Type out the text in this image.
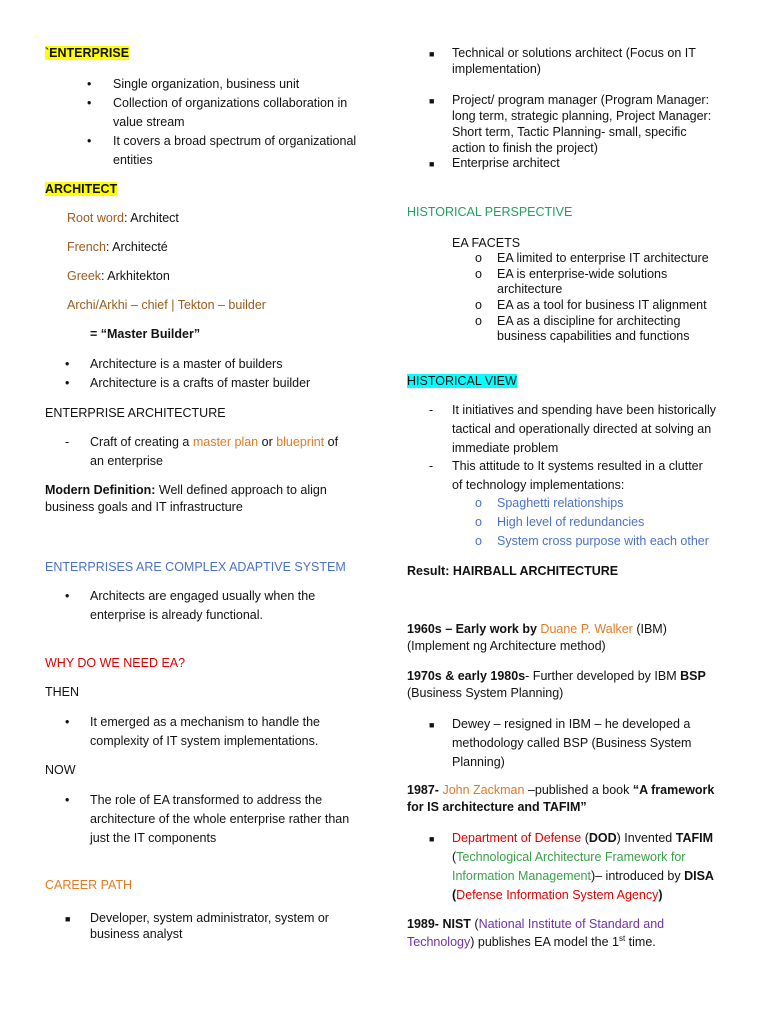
`ENTERPRISE
• Single organization, business unit
• Collection of organizations collaboration in
value stream
• It covers a broad spectrum of organizational
entities
ARCHITECT
Root word: Architect
French: Architecté
Greek: Arkhitekton
Archi/Arkhi – chief | Tekton – builder
= “Master Builder”
• Architecture is a master of builders
• Architecture is a crafts of master builder
ENTERPRISE ARCHITECTURE
- Craft of creating a master plan or blueprint of
an enterprise
Modern Definition: Well defined approach to align
business goals and IT infrastructure
ENTERPRISES ARE COMPLEX ADAPTIVE SYSTEM
• Architects are engaged usually when the
enterprise is already functional.
WHY DO WE NEED EA?
THEN
• It emerged as a mechanism to handle the
complexity of IT system implementations.
NOW
• The role of EA transformed to address the
architecture of the whole enterprise rather than
just the IT components
CAREER PATH
■ Developer, system administrator, system or
business analyst
■ Technical or solutions architect (Focus on IT
implementation)
■ Project/ program manager (Program Manager:
long term, strategic planning, Project Manager:
Short term, Tactic Planning- small, specific
action to finish the project)
■ Enterprise architect
HISTORICAL PERSPECTIVE
EA FACETS
o EA limited to enterprise IT architecture
o EA is enterprise-wide solutions
architecture
o EA as a tool for business IT alignment
o EA as a discipline for architecting
business capabilities and functions
HISTORICAL VIEW
- It initiatives and spending have been historically
tactical and operationally directed at solving an
immediate problem
- This attitude to It systems resulted in a clutter
of technology implementations:
o Spaghetti relationships
o High level of redundancies
o System cross purpose with each other
Result: HAIRBALL ARCHITECTURE
1960s – Early work by Duane P. Walker (IBM)
(Implement ng Architecture method)
1970s & early 1980s- Further developed by IBM BSP
(Business System Planning)
■ Dewey – resigned in IBM – he developed a
methodology called BSP (Business System
Planning)
1987- John Zackman –published a book “A framework
for IS architecture and TAFIM”
■ Department of Defense (DOD) Invented TAFIM
(Technological Architecture Framework for
Information Management)– introduced by DISA
(Defense Information System Agency)
1989- NIST (National Institute of Standard and
Technology) publishes EA model the 1st time.
